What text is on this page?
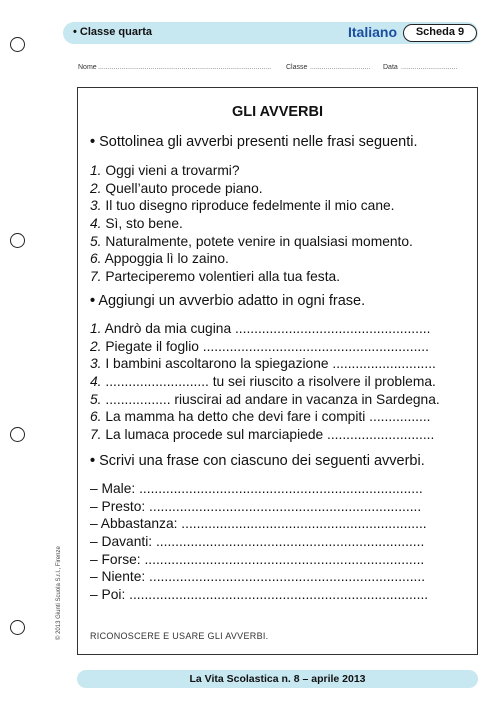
• Classe quarta	Italiano	Scheda 9
Nome ......................................................................................... Classe ............................... Data .............................
GLI AVVERBI
• Sottolinea gli avverbi presenti nelle frasi seguenti.
1. Oggi vieni a trovarmi?
2. Quell’auto procede piano.
3. Il tuo disegno riproduce fedelmente il mio cane.
4. Sì, sto bene.
5. Naturalmente, potete venire in qualsiasi momento.
6. Appoggia lì lo zaino.
7. Parteciperemo volentieri alla tua festa.
• Aggiungi un avverbio adatto in ogni frase.
1. Andrò da mia cugina ...................................................
2. Piegate il foglio ...........................................................
3. I bambini ascoltarono la spiegazione ...........................
4. ........................... tu sei riuscito a risolvere il problema.
5. ................. riuscirai ad andare in vacanza in Sardegna.
6. La mamma ha detto che devi fare i compiti ................
7. La lumaca procede sul marciapiede ............................
• Scrivi una frase con ciascuno dei seguenti avverbi.
– Male: ..........................................................................
– Presto: .......................................................................
– Abbastanza: ................................................................
– Davanti: ......................................................................
– Forse: .........................................................................
– Niente: ........................................................................
– Poi: ..............................................................................
RICONOSCERE E USARE GLI AVVERBI.
© 2013 Giunti Scuola S.r.l., Firenze
La Vita Scolastica n. 8 – aprile 2013
